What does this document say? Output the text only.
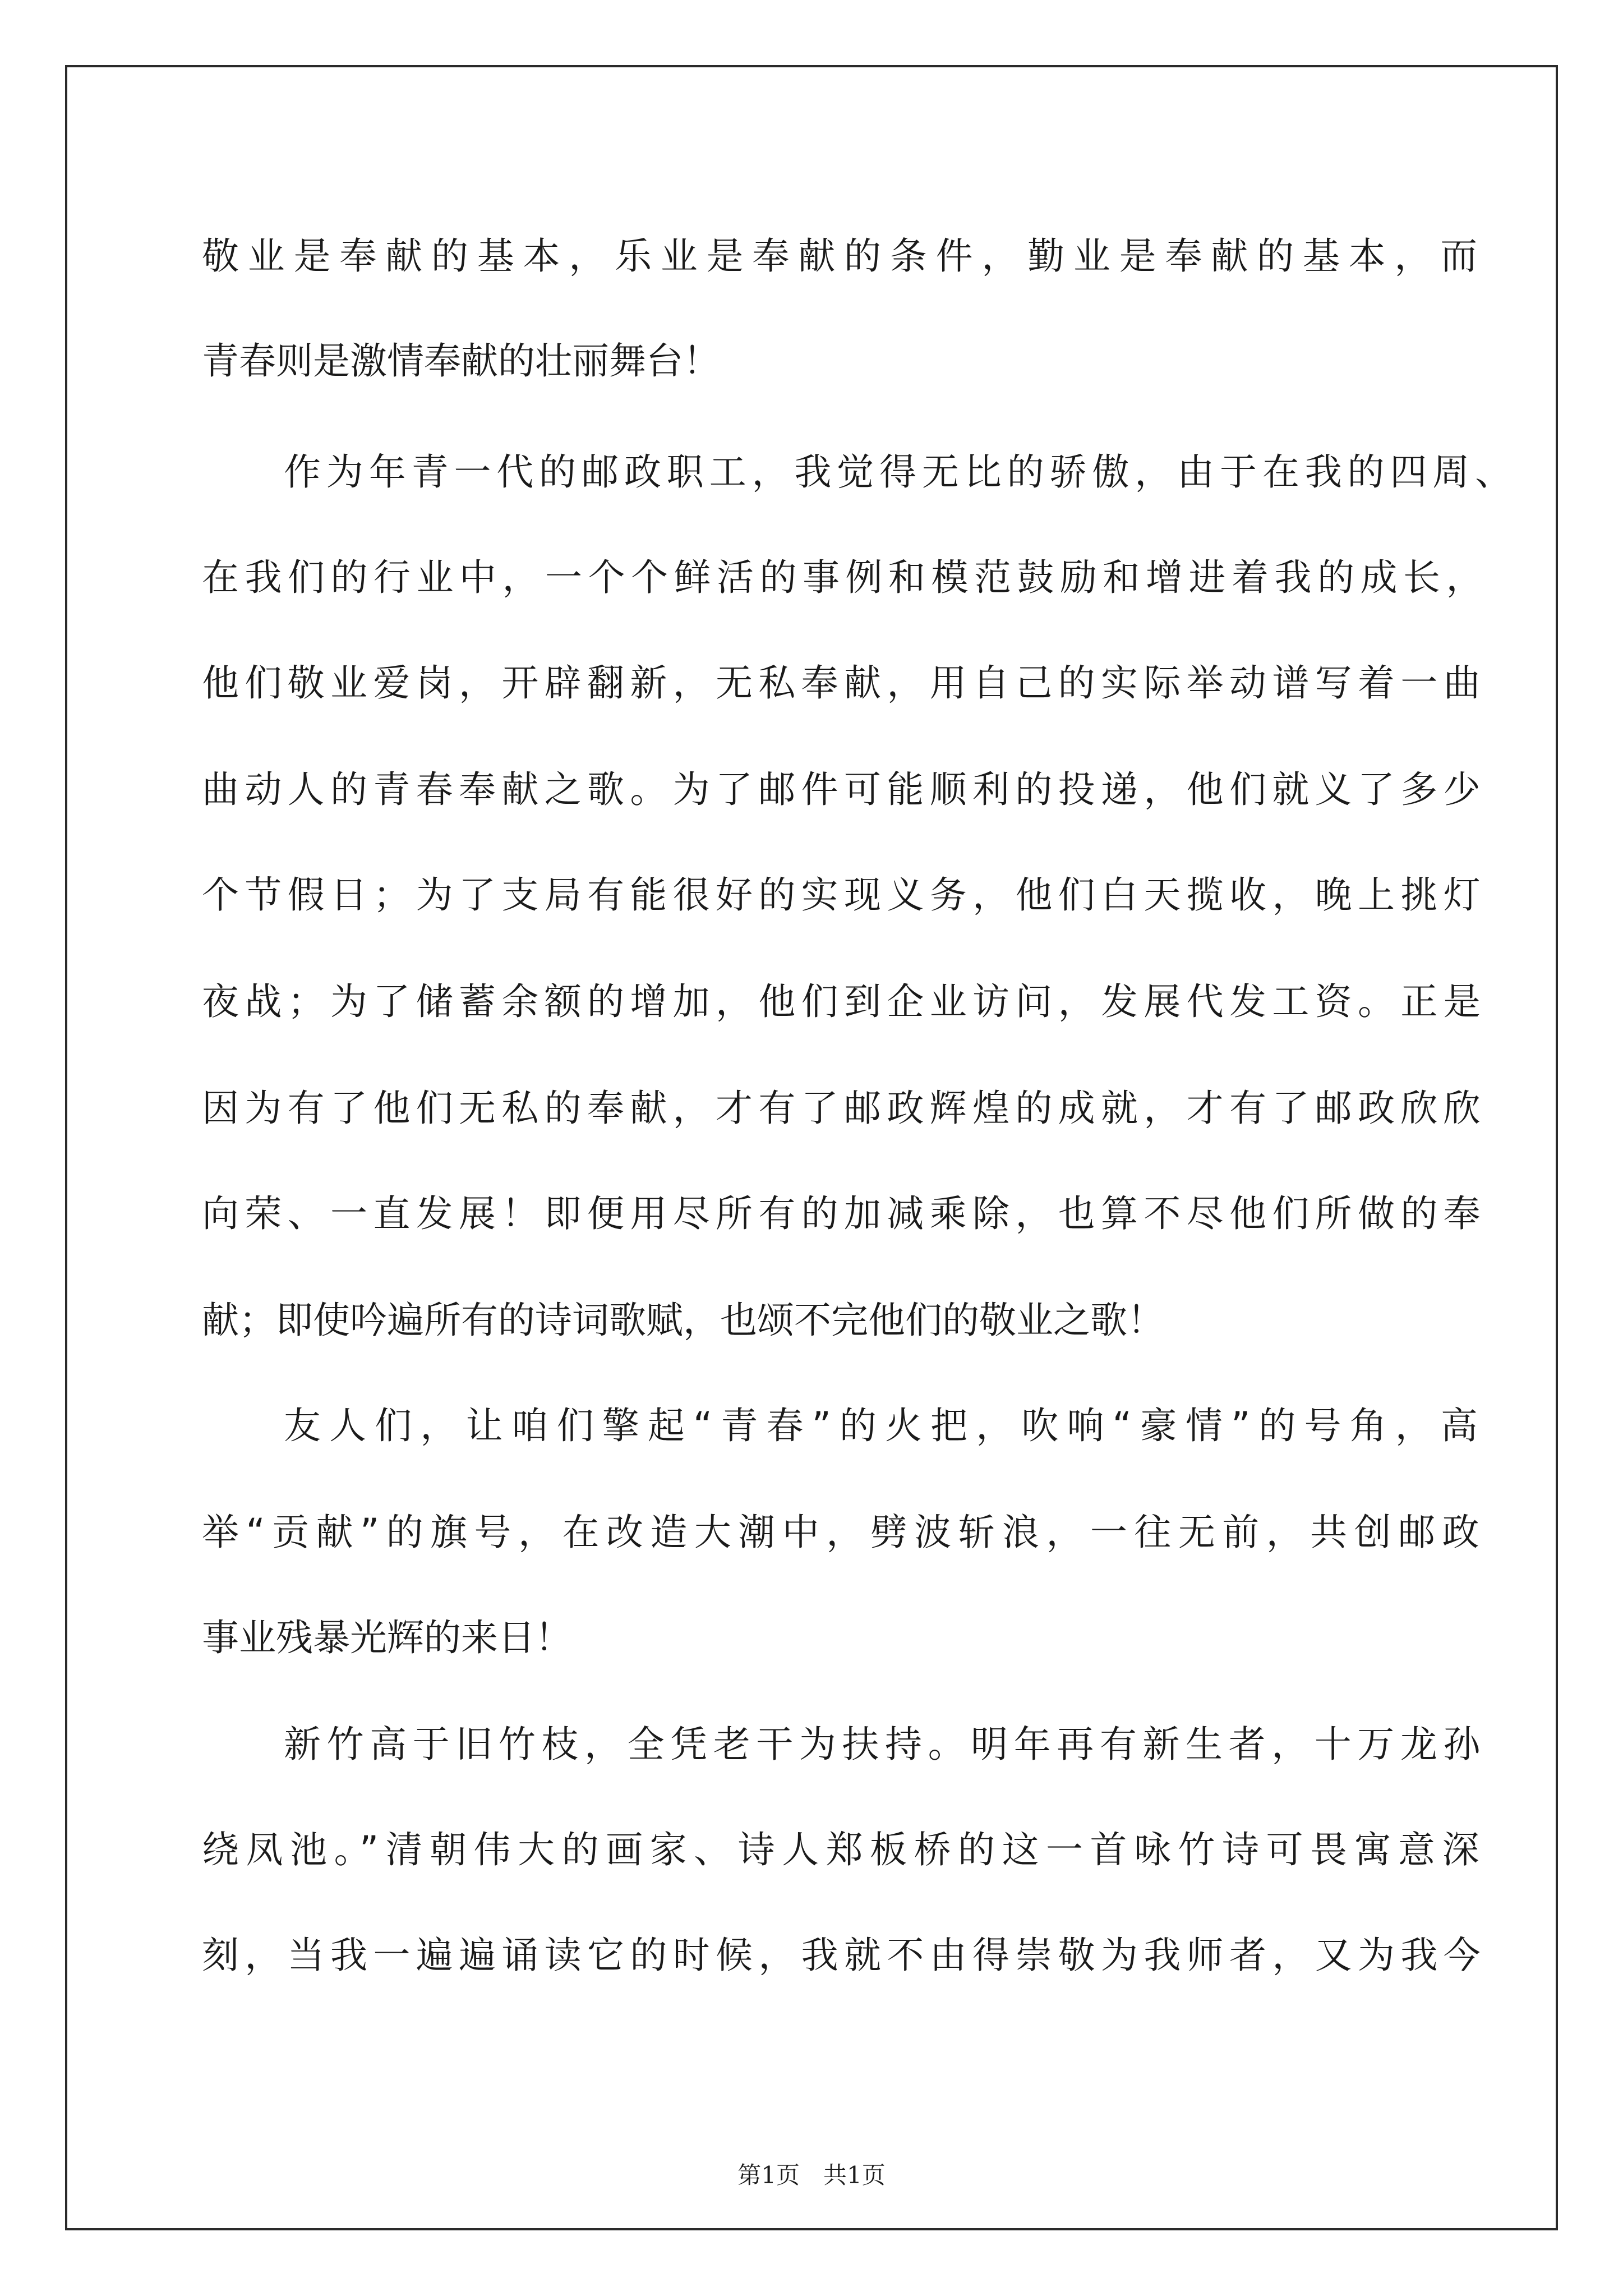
敬业是奉献的基本，乐业是奉献的条件，勤业是奉献的基本，而
青春则是激情奉献的壮丽舞台！
作为年青一代的邮政职工，我觉得无比的骄傲，由于在我的四周、
在我们的行业中，一个个鲜活的事例和模范鼓励和增进着我的成长，
他们敬业爱岗，开辟翻新，无私奉献，用自己的实际举动谱写着一曲
曲动人的青春奉献之歌。为了邮件可能顺利的投递，他们就义了多少
个节假日；为了支局有能很好的实现义务，他们白天揽收，晚上挑灯
夜战；为了储蓄余额的增加，他们到企业访问，发展代发工资。正是
因为有了他们无私的奉献，才有了邮政辉煌的成就，才有了邮政欣欣
向荣、一直发展！即便用尽所有的加减乘除，也算不尽他们所做的奉
献；即使吟遍所有的诗词歌赋，也颂不完他们的敬业之歌！
友人们，让咱们擎起“青春”的火把，吹响“豪情”的号角，高
举“贡献”的旗号，在改造大潮中，劈波斩浪，一往无前，共创邮政
事业残暴光辉的来日！
新竹高于旧竹枝，全凭老干为扶持。明年再有新生者，十万龙孙
绕凤池。”清朝伟大的画家、诗人郑板桥的这一首咏竹诗可畏寓意深
刻，当我一遍遍诵读它的时候，我就不由得崇敬为我师者，又为我今
第1页　共1页
